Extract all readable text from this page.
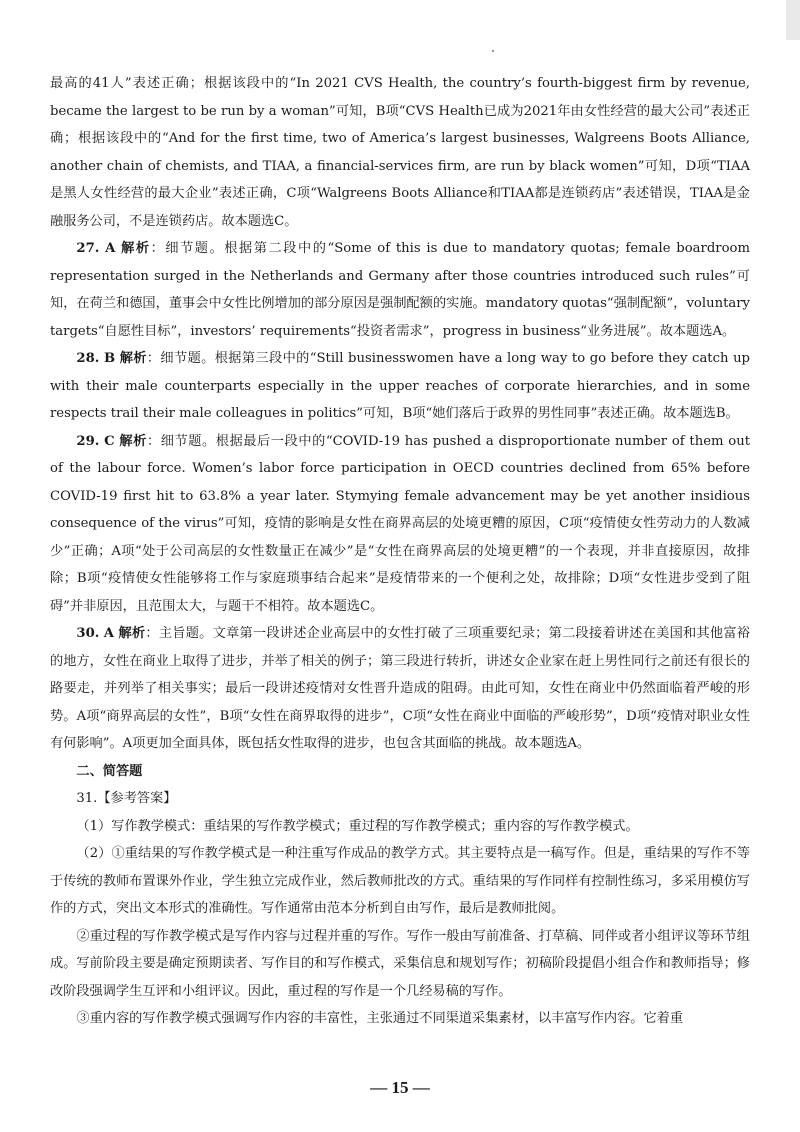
最高的41人”表述正确；根据该段中的“In 2021 CVS Health, the country’s fourth-biggest firm by revenue, became the largest to be run by a woman”可知，B项“CVS Health已成为2021年由女性经营的最大公司”表述正确；根据该段中的“And for the first time, two of America’s largest businesses, Walgreens Boots Alliance, another chain of chemists, and TIAA, a financial-services firm, are run by black women”可知，D项“TIAA是黑人女性经营的最大企业”表述正确，C项“Walgreens Boots Alliance和TIAA都是连锁药店”表述错误，TIAA是金融服务公司，不是连锁药店。故本题选C。

27. A 解析：细节题。根据第二段中的“Some of this is due to mandatory quotas; female boardroom representation surged in the Netherlands and Germany after those countries introduced such rules”可知，在荷兰和德国，董事会中女性比例增加的部分原因是强制配额的实施。mandatory quotas“强制配额”，voluntary targets“自愿性目标”，investors’ requirements“投资者需求”，progress in business“业务进展”。故本题选A。

28. B 解析：细节题。根据第三段中的“Still businesswomen have a long way to go before they catch up with their male counterparts especially in the upper reaches of corporate hierarchies, and in some respects trail their male colleagues in politics”可知，B项“她们落后于政界的男性同事”表述正确。故本题选B。

29. C 解析：细节题。根据最后一段中的“COVID-19 has pushed a disproportionate number of them out of the labour force. Women’s labor force participation in OECD countries declined from 65% before COVID-19 first hit to 63.8% a year later. Stymying female advancement may be yet another insidious consequence of the virus”可知，疫情的影响是女性在商界高层的处境更糟的原因，C项“疫情使女性劳动力的人数减少”正确；A项“处于公司高层的女性数量正在减少”是“女性在商界高层的处境更糟”的一个表现，并非直接原因，故排除；B项“疫情使女性能够将工作与家庭琐事结合起来”是疫情带来的一个便利之处，故排除；D项“女性进步受到了阻碍”并非原因，且范围太大，与题干不相符。故本题选C。

30. A 解析：主旨题。文章第一段讲述企业高层中的女性打破了三项重要纪录；第二段接着讲述在美国和其他富裕的地方，女性在商业上取得了进步，并举了相关的例子；第三段进行转折，讲述女企业家在赶上男性同行之前还有很长的路要走，并列举了相关事实；最后一段讲述疫情对女性晋升造成的阻碍。由此可知，女性在商业中仍然面临着严峻的形势。A项“商界高层的女性”，B项“女性在商界取得的进步”，C项“女性在商业中面临的严峻形势”，D项“疫情对职业女性有何影响”。A项更加全面具体，既包括女性取得的进步，也包含其面临的挑战。故本题选A。

二、简答题

31.【参考答案】

（1）写作教学模式：重结果的写作教学模式；重过程的写作教学模式；重内容的写作教学模式。

（2）①重结果的写作教学模式是一种注重写作成品的教学方式。其主要特点是一稿写作。但是，重结果的写作不等于传统的教师布置课外作业，学生独立完成作业，然后教师批改的方式。重结果的写作同样有控制性练习，多采用模仿写作的方式，突出文本形式的准确性。写作通常由范本分析到自由写作，最后是教师批阅。

②重过程的写作教学模式是写作内容与过程并重的写作。写作一般由写前准备、打草稿、同伴或者小组评议等环节组成。写前阶段主要是确定预期读者、写作目的和写作模式，采集信息和规划写作；初稿阶段提倡小组合作和教师指导；修改阶段强调学生互评和小组评议。因此，重过程的写作是一个几经易稿的写作。

③重内容的写作教学模式强调写作内容的丰富性，主张通过不同渠道采集素材，以丰富写作内容。它着重

— 15 —
